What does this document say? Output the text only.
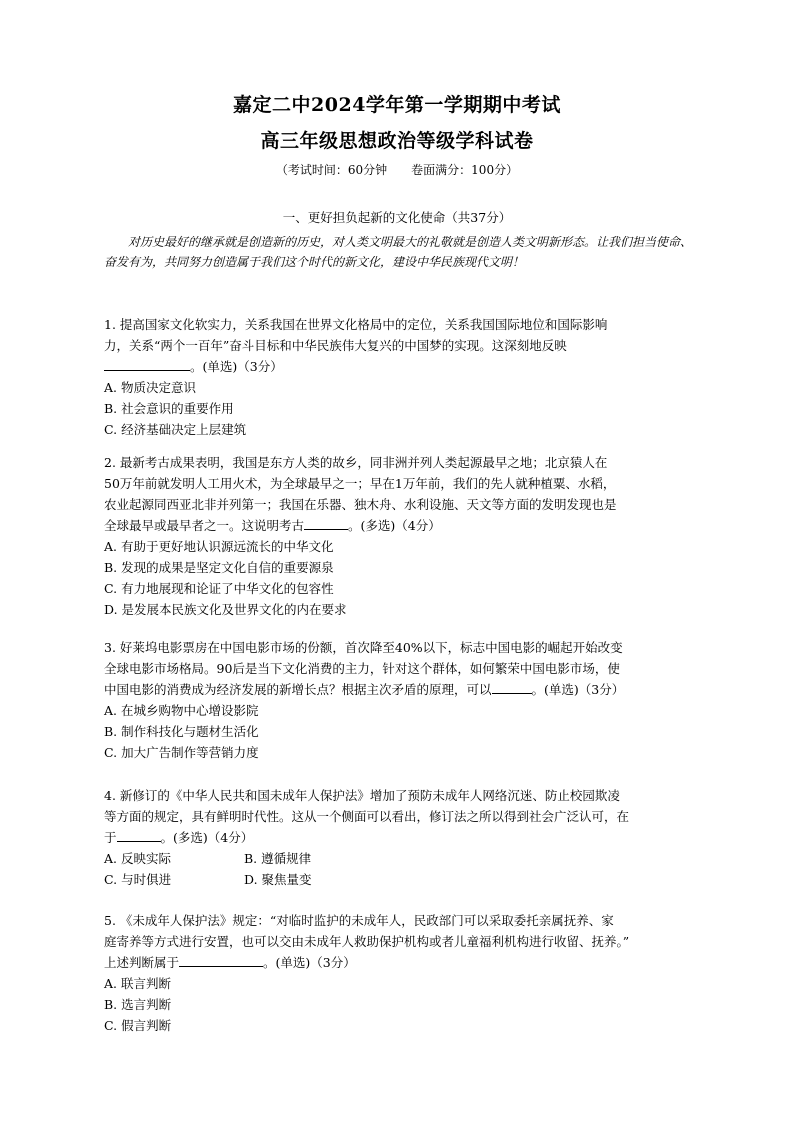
嘉定二中2024学年第一学期期中考试
高三年级思想政治等级学科试卷
（考试时间：60分钟　　卷面满分：100分）
一、更好担负起新的文化使命（共37分）
对历史最好的继承就是创造新的历史，对人类文明最大的礼敬就是创造人类文明新形态。让我们担当使命、奋发有为，共同努力创造属于我们这个时代的新文化，建设中华民族现代文明！

1. 提高国家文化软实力，关系我国在世界文化格局中的定位，关系我国国际地位和国际影响

力，关系“两个一百年”奋斗目标和中华民族伟大复兴的中国梦的实现。这深刻地反映

。(单选)（3分）

A. 物质决定意识

B. 社会意识的重要作用

C. 经济基础决定上层建筑

2. 最新考古成果表明，我国是东方人类的故乡，同非洲并列人类起源最早之地；北京猿人在

50万年前就发明人工用火术，为全球最早之一；早在1万年前，我们的先人就种植粟、水稻，

农业起源同西亚北非并列第一；我国在乐器、独木舟、水利设施、天文等方面的发明发现也是

全球最早或最早者之一。这说明考古	。(多选)（4分）

A. 有助于更好地认识源远流长的中华文化

B. 发现的成果是坚定文化自信的重要源泉

C. 有力地展现和论证了中华文化的包容性

D. 是发展本民族文化及世界文化的内在要求

3. 好莱坞电影票房在中国电影市场的份额，首次降至40%以下，标志中国电影的崛起开始改变

全球电影市场格局。90后是当下文化消费的主力，针对这个群体，如何繁荣中国电影市场，使

中国电影的消费成为经济发展的新增长点？根据主次矛盾的原理，可以	。(单选)（3分）

A. 在城乡购物中心增设影院

B. 制作科技化与题材生活化

C. 加大广告制作等营销力度

4. 新修订的《中华人民共和国未成年人保护法》增加了预防未成年人网络沉迷、防止校园欺凌

等方面的规定，具有鲜明时代性。这从一个侧面可以看出，修订法之所以得到社会广泛认可，在

于	。(多选)（4分）

A. 反映实际	B. 遵循规律
C. 与时俱进	D. 聚焦量变

5. 《未成年人保护法》规定：“对临时监护的未成年人，民政部门可以采取委托亲属抚养、家

庭寄养等方式进行安置，也可以交由未成年人救助保护机构或者儿童福利机构进行收留、抚养。”

上述判断属于	。(单选)（3分）

A. 联言判断

B. 选言判断

C. 假言判断
